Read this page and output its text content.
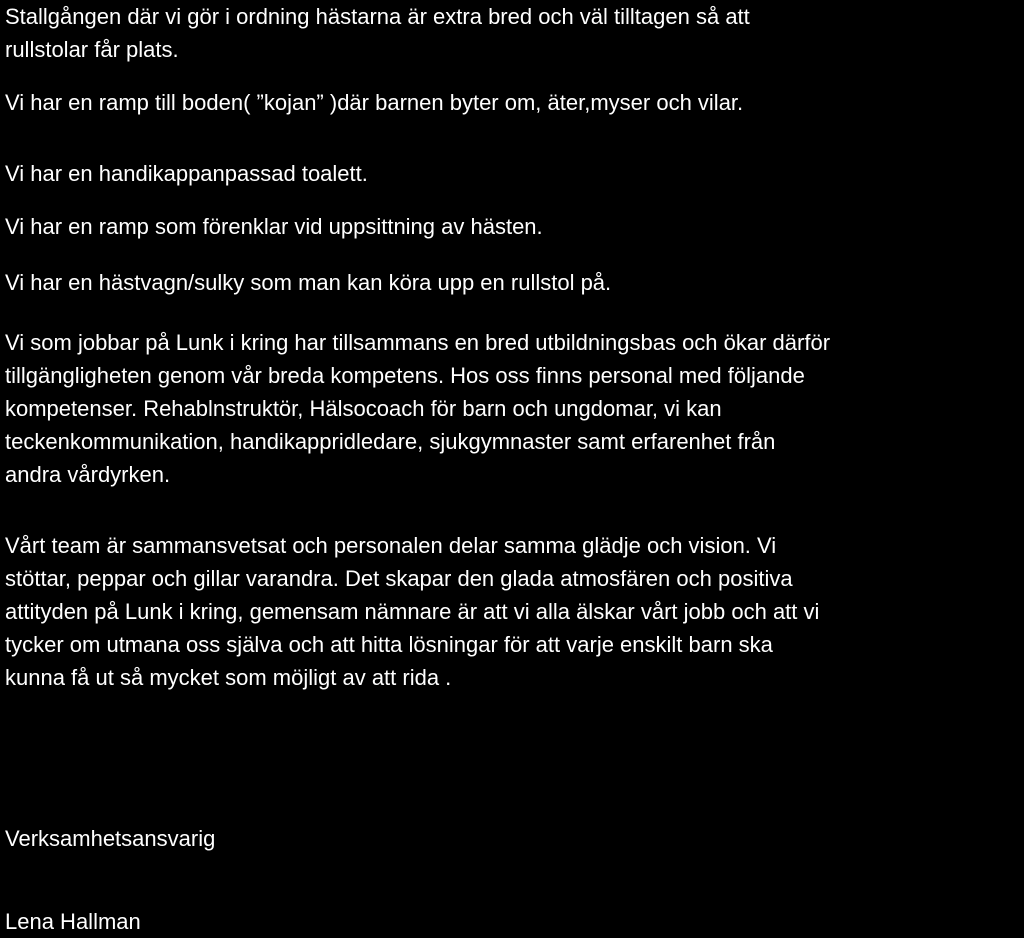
Stallgången där vi gör i ordning hästarna är extra bred och väl tilltagen så att
rullstolar får plats.

Vi har en ramp till boden( ”kojan” )där barnen byter om, äter,myser och vilar.

Vi har en handikappanpassad toalett.

Vi har en ramp som förenklar vid uppsittning av hästen.

Vi har en hästvagn/sulky som man kan köra upp en rullstol på.

Vi som jobbar på Lunk i kring har tillsammans en bred utbildningsbas och ökar därför
tillgängligheten genom vår breda kompetens. Hos oss finns personal med följande
kompetenser. Rehablnstruktör, Hälsocoach för barn och ungdomar, vi kan
teckenkommunikation, handikappridledare, sjukgymnaster samt erfarenhet från
andra vårdyrken.

Vårt team är sammansvetsat och personalen delar samma glädje och vision. Vi
stöttar, peppar och gillar varandra. Det skapar den glada atmosfären och positiva
attityden på Lunk i kring, gemensam nämnare är att vi alla älskar vårt jobb och att vi
tycker om utmana oss själva och att hitta lösningar för att varje enskilt barn ska
kunna få ut så mycket som möjligt av att rida .

Verksamhetsansvarig

Lena Hallman
